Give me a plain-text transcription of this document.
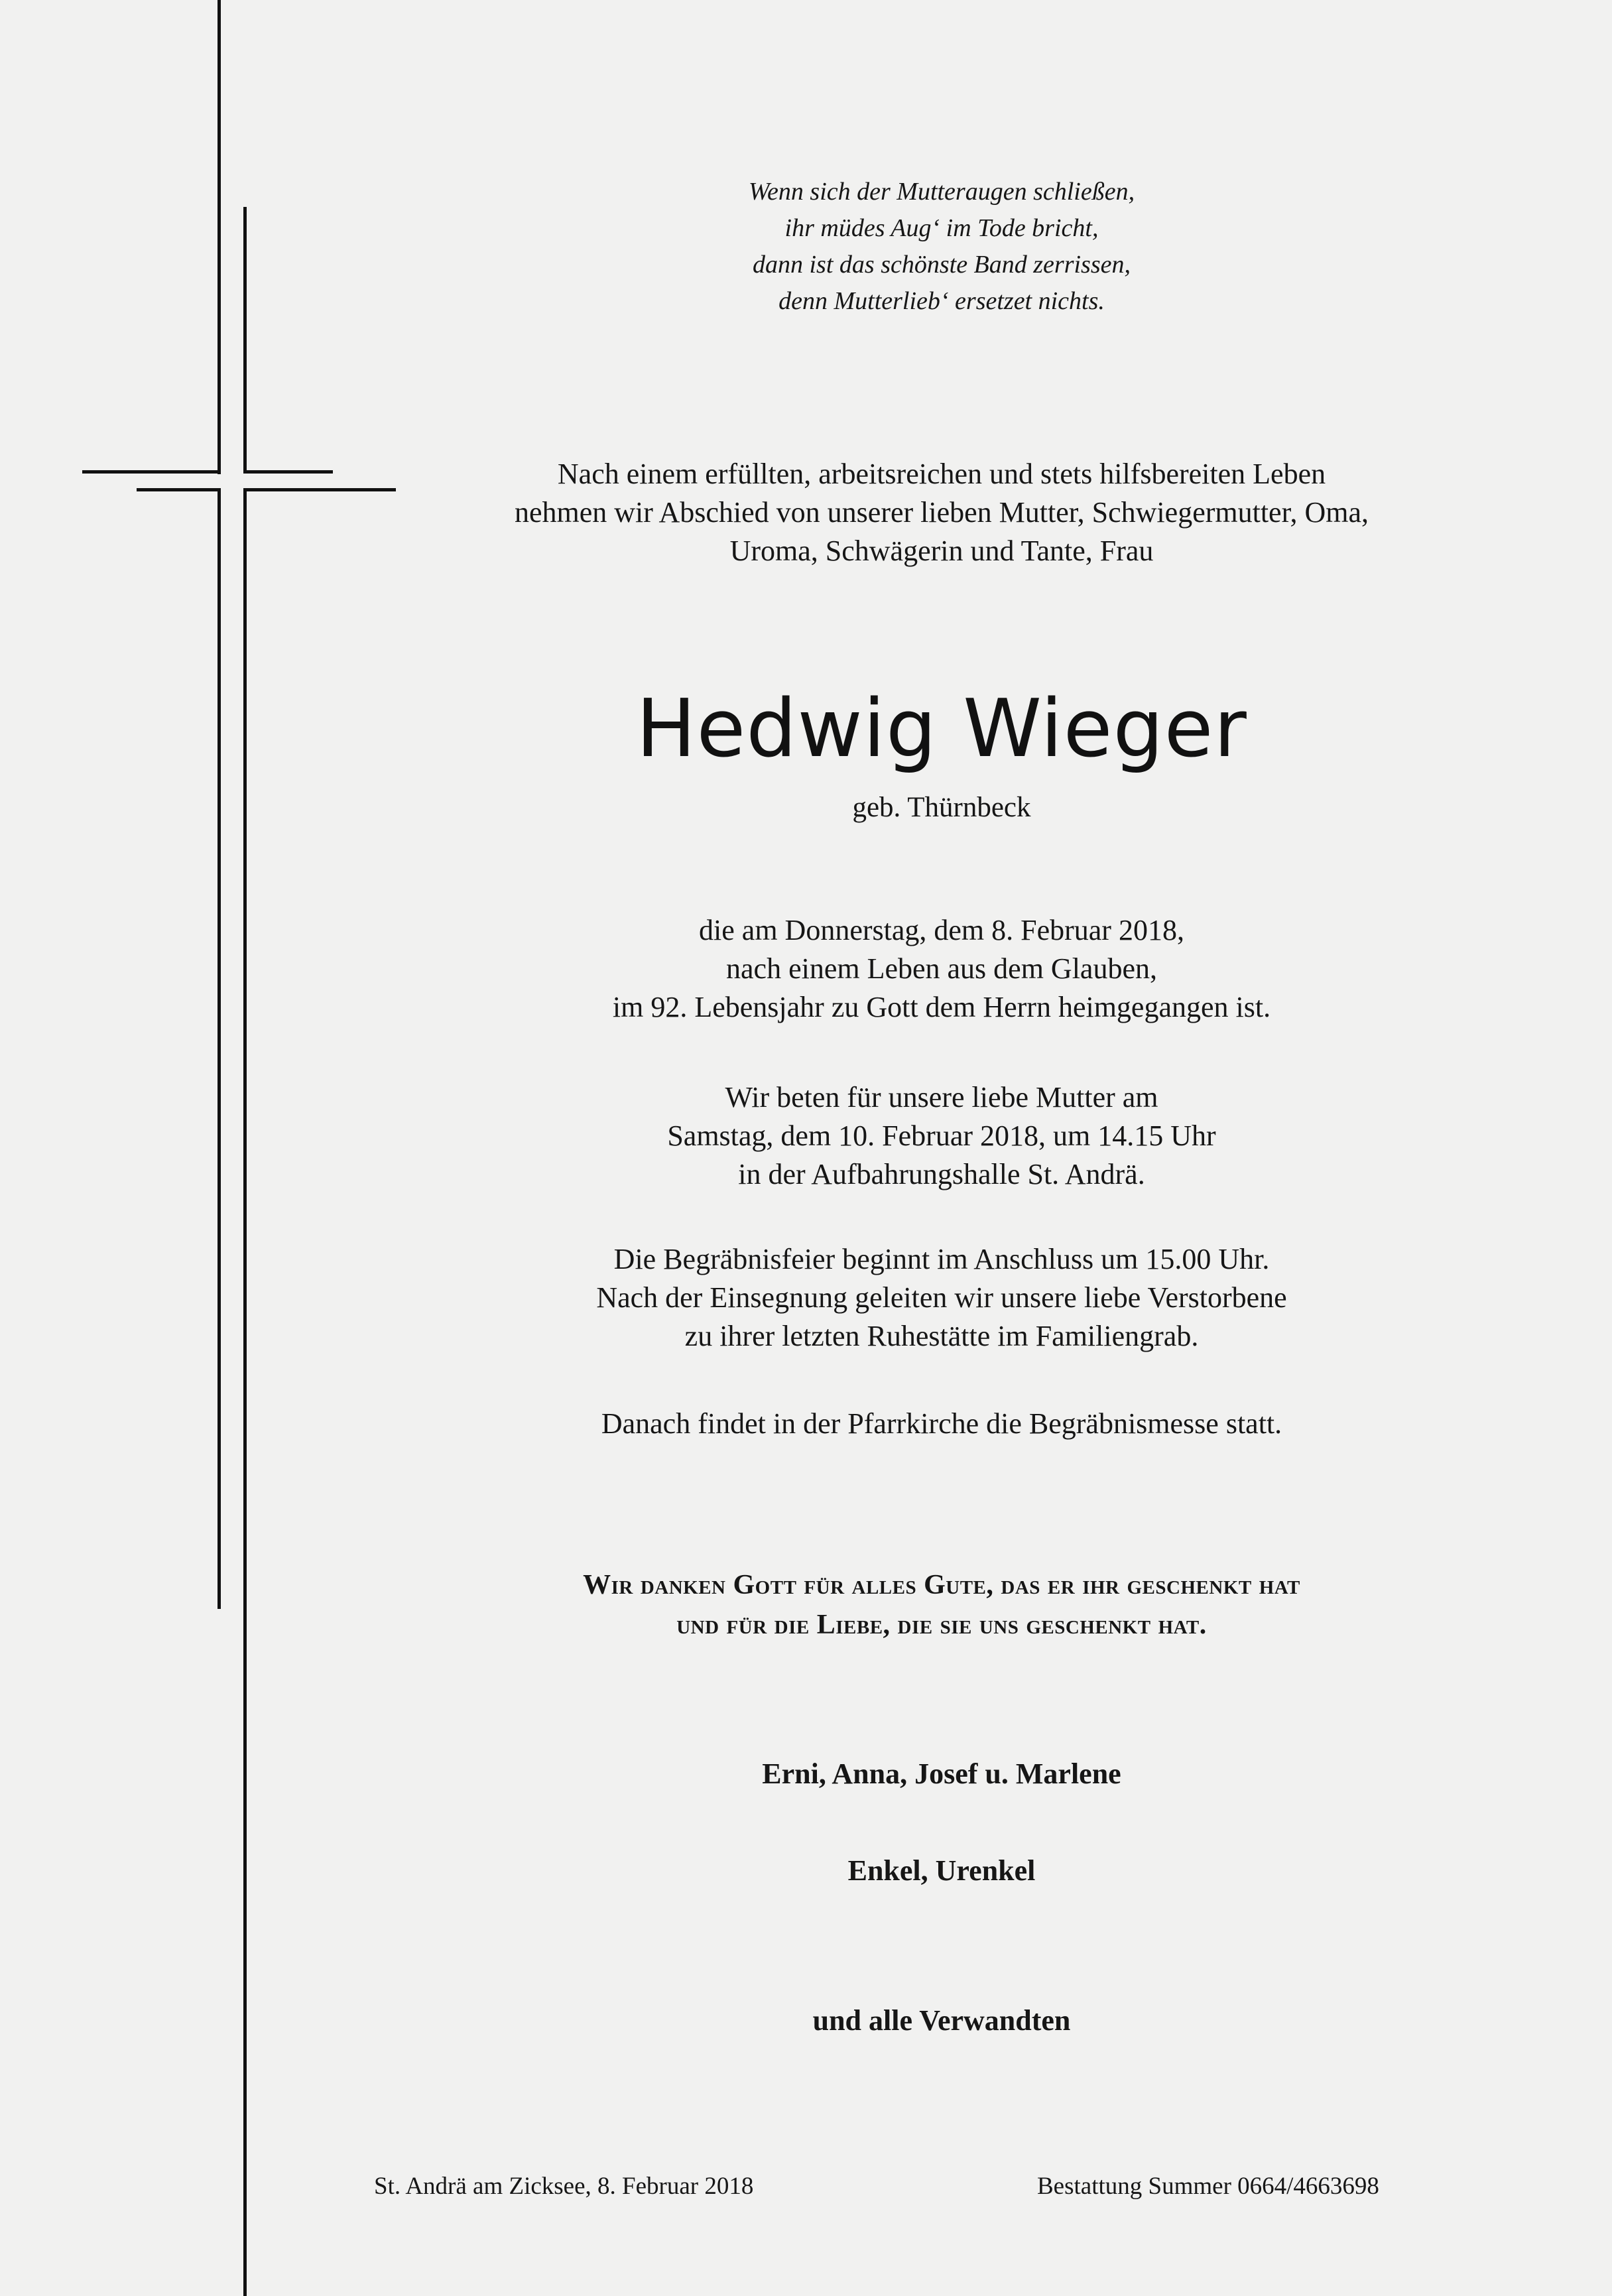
Wenn sich der Mutteraugen schließen,
ihr müdes Aug‘ im Tode bricht,
dann ist das schönste Band zerrissen,
denn Mutterlieb‘ ersetzet nichts.
Nach einem erfüllten, arbeitsreichen und stets hilfsbereiten Leben
nehmen wir Abschied von unserer lieben Mutter, Schwiegermutter, Oma,
Uroma, Schwägerin und Tante, Frau
Hedwig Wieger
geb. Thürnbeck
die am Donnerstag, dem 8. Februar 2018,
nach einem Leben aus dem Glauben,
im 92. Lebensjahr zu Gott dem Herrn heimgegangen ist.
Wir beten für unsere liebe Mutter am
Samstag, dem 10. Februar 2018, um 14.15 Uhr
in der Aufbahrungshalle St. Andrä.
Die Begräbnisfeier beginnt im Anschluss um 15.00 Uhr.
Nach der Einsegnung geleiten wir unsere liebe Verstorbene
zu ihrer letzten Ruhestätte im Familiengrab.
Danach findet in der Pfarrkirche die Begräbnismesse statt.
Wir danken Gott für alles Gute, das er ihr geschenkt hat
und für die Liebe, die sie uns geschenkt hat.
Erni, Anna, Josef u. Marlene
Enkel, Urenkel
und alle Verwandten
St. Andrä am Zicksee, 8. Februar 2018	Bestattung Summer 0664/4663698
